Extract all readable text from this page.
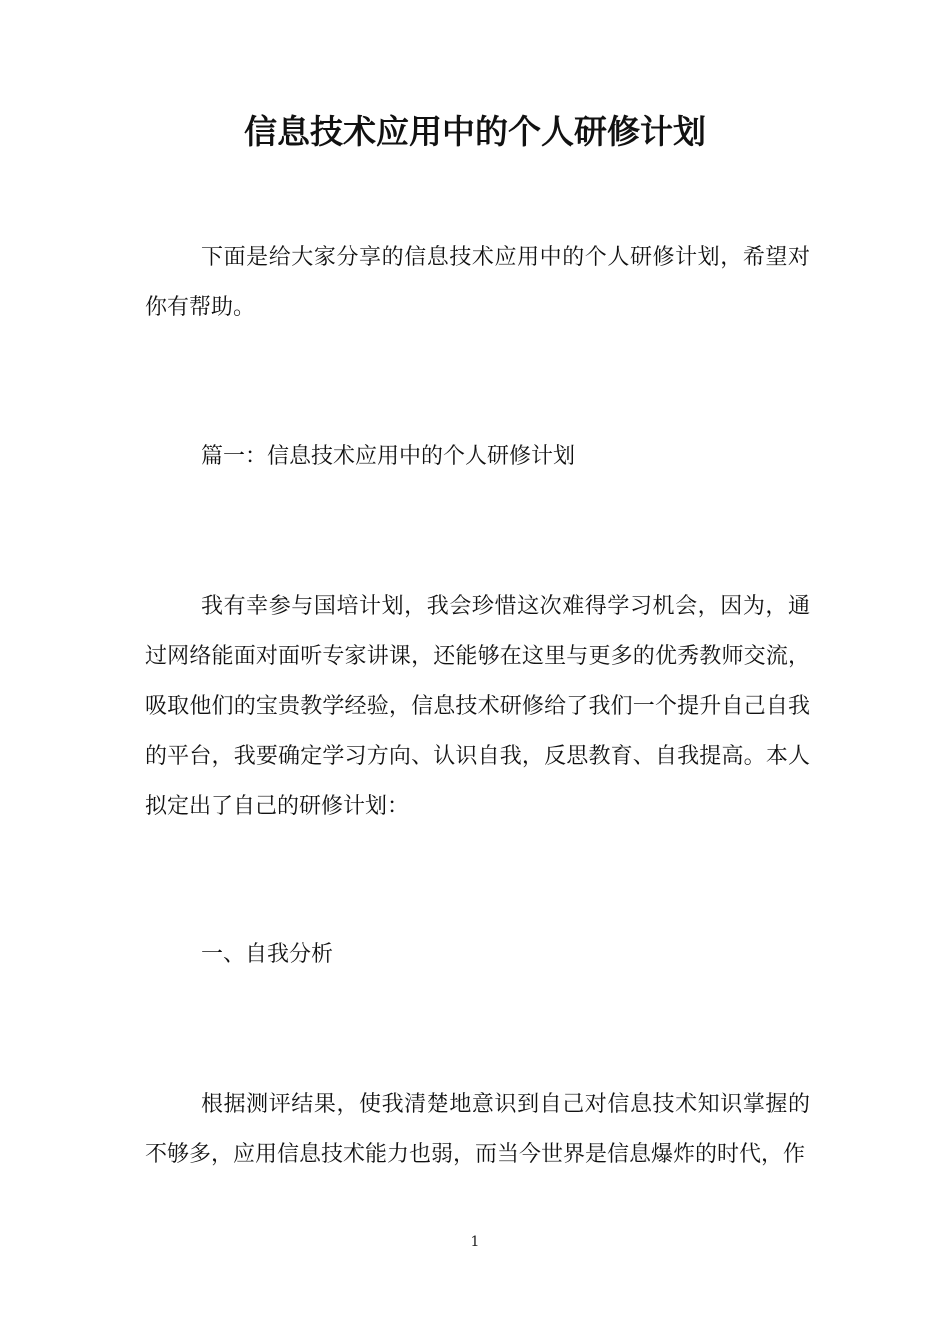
信息技术应用中的个人研修计划

下面是给大家分享的信息技术应用中的个人研修计划，希望对你有帮助。

篇一：信息技术应用中的个人研修计划

我有幸参与国培计划，我会珍惜这次难得学习机会，因为，通过网络能面对面听专家讲课，还能够在这里与更多的优秀教师交流，吸取他们的宝贵教学经验，信息技术研修给了我们一个提升自己自我的平台，我要确定学习方向、认识自我，反思教育、自我提高。本人拟定出了自己的研修计划：

一、自我分析

根据测评结果，使我清楚地意识到自己对信息技术知识掌握的不够多，应用信息技术能力也弱，而当今世界是信息爆炸的时代，作

1
